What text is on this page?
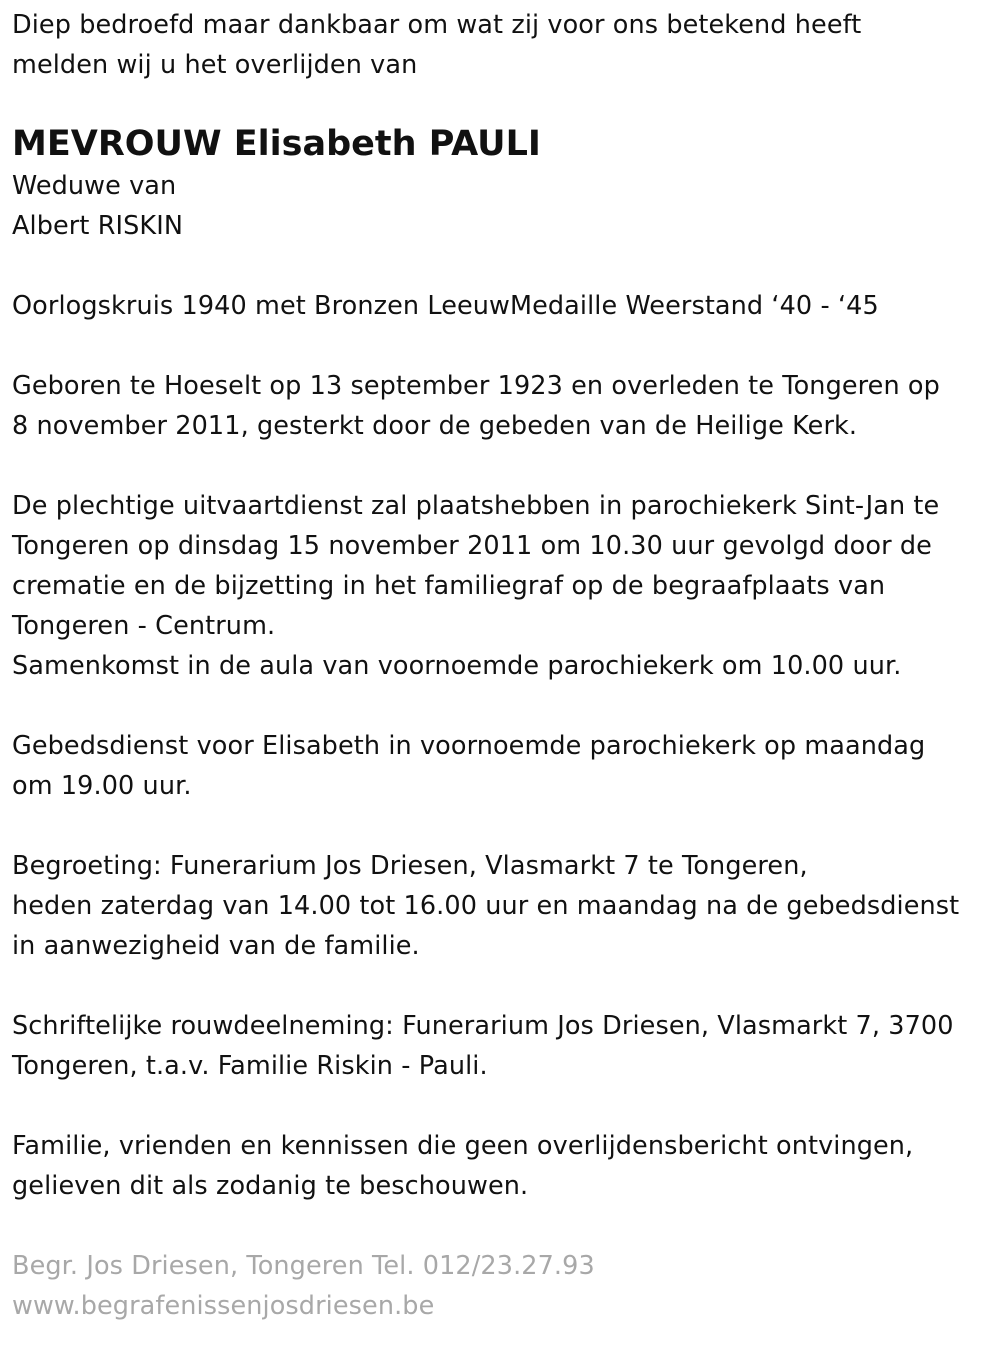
Diep bedroefd maar dankbaar om wat zij voor ons betekend heeft
melden wij u het overlijden van
MEVROUW Elisabeth PAULI
Weduwe van
Albert RISKIN
Oorlogskruis 1940 met Bronzen LeeuwMedaille Weerstand ‘40 - ‘45
Geboren te Hoeselt op 13 september 1923 en overleden te Tongeren op
8 november 2011, gesterkt door de gebeden van de Heilige Kerk.
De plechtige uitvaartdienst zal plaatshebben in parochiekerk Sint-Jan te
Tongeren op dinsdag 15 november 2011 om 10.30 uur gevolgd door de
crematie en de bijzetting in het familiegraf op de begraafplaats van
Tongeren - Centrum.
Samenkomst in de aula van voornoemde parochiekerk om 10.00 uur.
Gebedsdienst voor Elisabeth in voornoemde parochiekerk op maandag
om 19.00 uur.
Begroeting: Funerarium Jos Driesen, Vlasmarkt 7 te Tongeren,
heden zaterdag van 14.00 tot 16.00 uur en maandag na de gebedsdienst
in aanwezigheid van de familie.
Schriftelijke rouwdeelneming: Funerarium Jos Driesen, Vlasmarkt 7, 3700
Tongeren, t.a.v. Familie Riskin - Pauli.
Familie, vrienden en kennissen die geen overlijdensbericht ontvingen,
gelieven dit als zodanig te beschouwen.
Begr. Jos Driesen, Tongeren Tel. 012/23.27.93
www.begrafenissenjosdriesen.be
